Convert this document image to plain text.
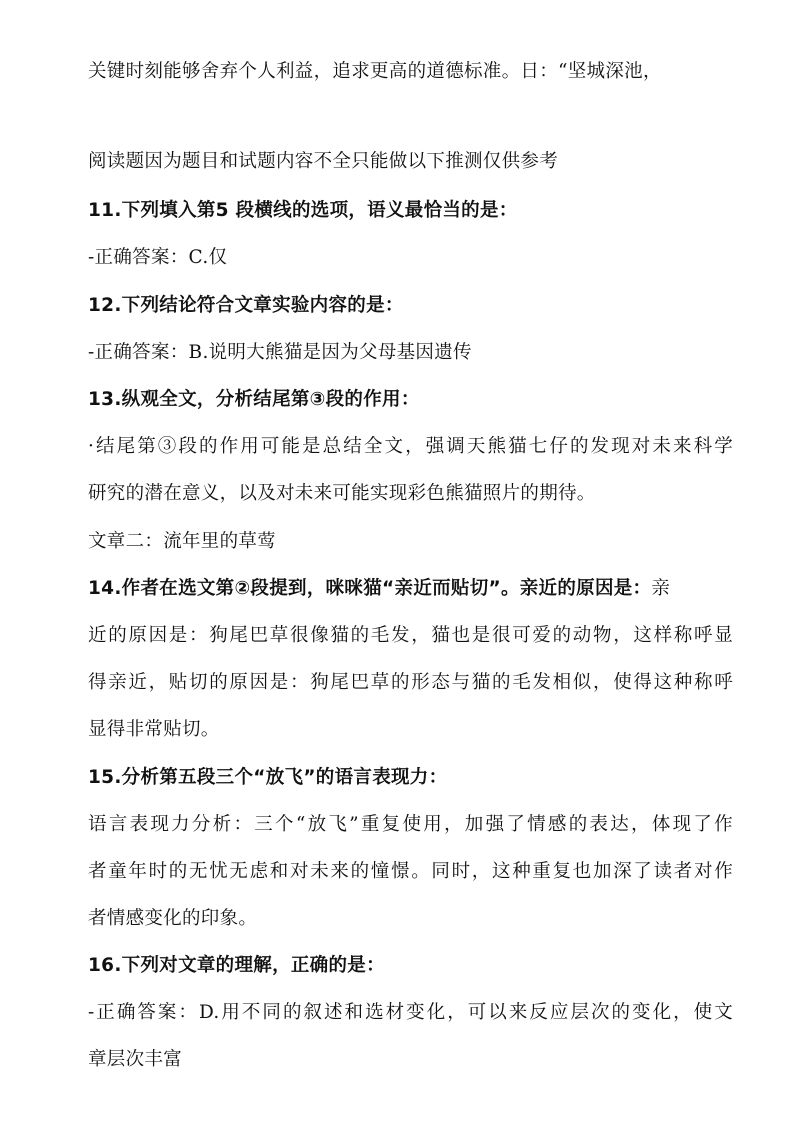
关键时刻能够舍弃个人利益，追求更高的道德标准。日：“坚城深池，
阅读题因为题目和试题内容不全只能做以下推测仅供参考
11.下列填入第5 段横线的选项，语义最恰当的是：
-正确答案：C.仅
12.下列结论符合文章实验内容的是：
-正确答案：B.说明大熊猫是因为父母基因遗传
13.纵观全文，分析结尾第③段的作用：
·结尾第③段的作用可能是总结全文，强调天熊猫七仔的发现对未来科学
研究的潜在意义，以及对未来可能实现彩色熊猫照片的期待。
文章二：流年里的草莺
14.作者在选文第②段提到，咪咪猫“亲近而贴切”。亲近的原因是：亲
近的原因是：狗尾巴草很像猫的毛发，猫也是很可爱的动物，这样称呼显
得亲近，贴切的原因是：狗尾巴草的形态与猫的毛发相似，使得这种称呼
显得非常贴切。
15.分析第五段三个“放飞”的语言表现力：
语言表现力分析：三个“放飞”重复使用，加强了情感的表达，体现了作
者童年时的无忧无虑和对未来的憧憬。同时，这种重复也加深了读者对作
者情感变化的印象。
16.下列对文章的理解，正确的是：
-正确答案：D.用不同的叙述和选材变化，可以来反应层次的变化，使文
章层次丰富
